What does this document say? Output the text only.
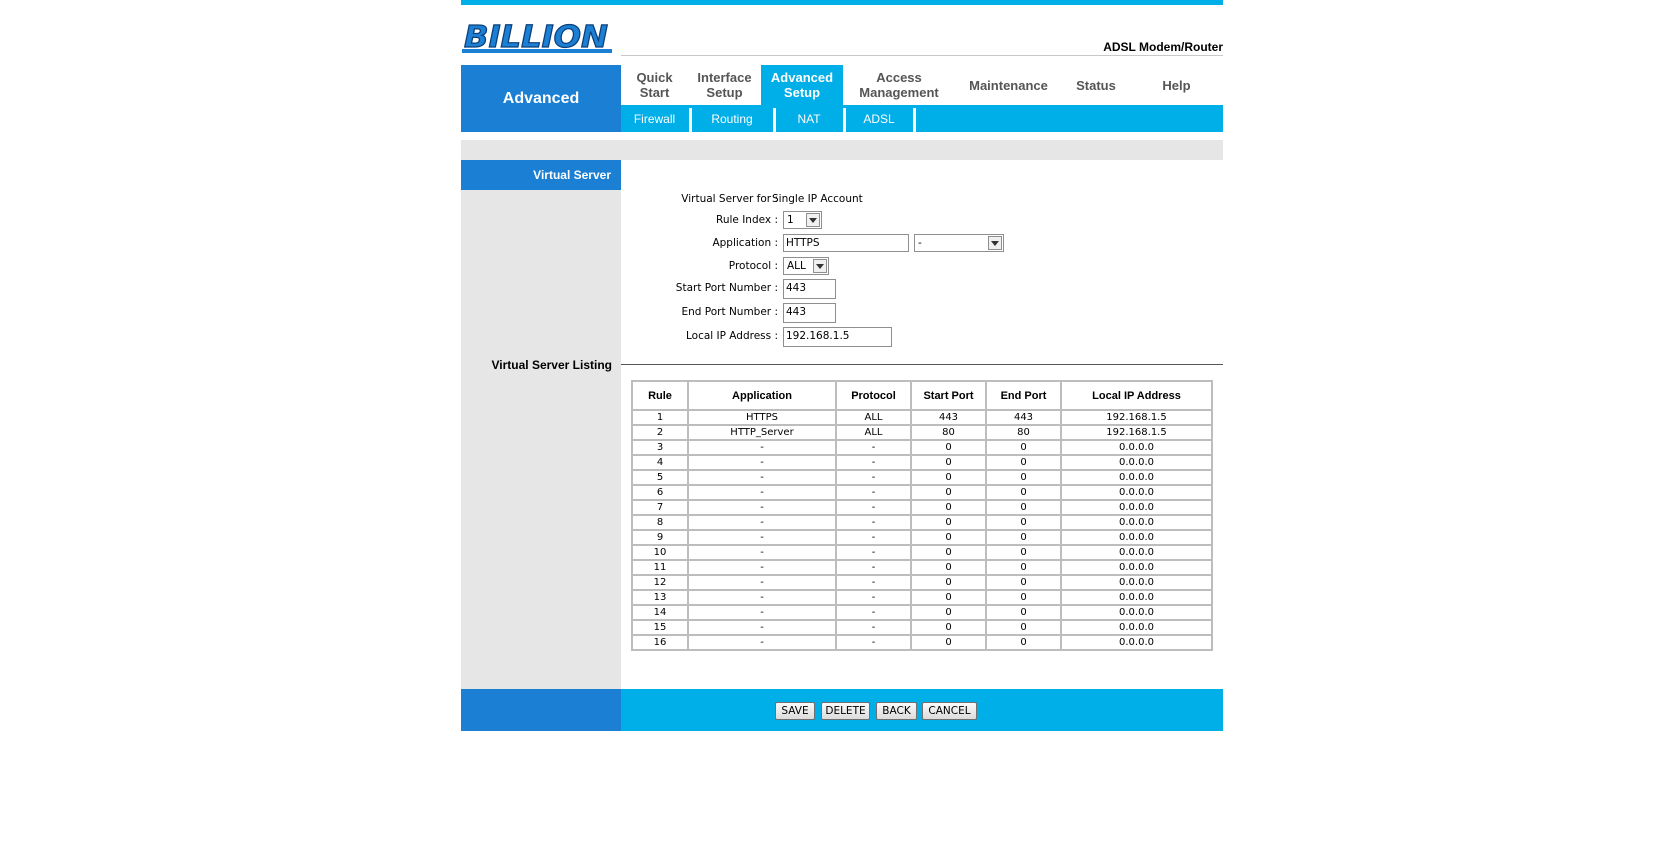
BILLION	ADSL Modem/Router
Advanced
Quick
Start
Interface
Setup
Advanced
Setup
Access
Management	Maintenance	Status	Help
Firewall	Routing	NAT	ADSL
Virtual Server
Virtual Server Listing
Virtual Server for :
Single IP Account
Rule Index : 1
Application : HTTPS	-
Protocol : ALL
Start Port Number : 443
End Port Number : 443
Local IP Address : 192.168.1.5
Rule	Application	Protocol	Start Port	End Port	Local IP Address
1	HTTPS	ALL	443	443	192.168.1.5
2	HTTP_Server	ALL	80	80	192.168.1.5
3	-	-	0	0	0.0.0.0
4	-	-	0	0	0.0.0.0
5	-	-	0	0	0.0.0.0
6	-	-	0	0	0.0.0.0
7	-	-	0	0	0.0.0.0
8	-	-	0	0	0.0.0.0
9	-	-	0	0	0.0.0.0
10	-	-	0	0	0.0.0.0
11	-	-	0	0	0.0.0.0
12	-	-	0	0	0.0.0.0
13	-	-	0	0	0.0.0.0
14	-	-	0	0	0.0.0.0
15	-	-	0	0	0.0.0.0
16	-	-	0	0	0.0.0.0
SAVE	DELETE	BACK	CANCEL
